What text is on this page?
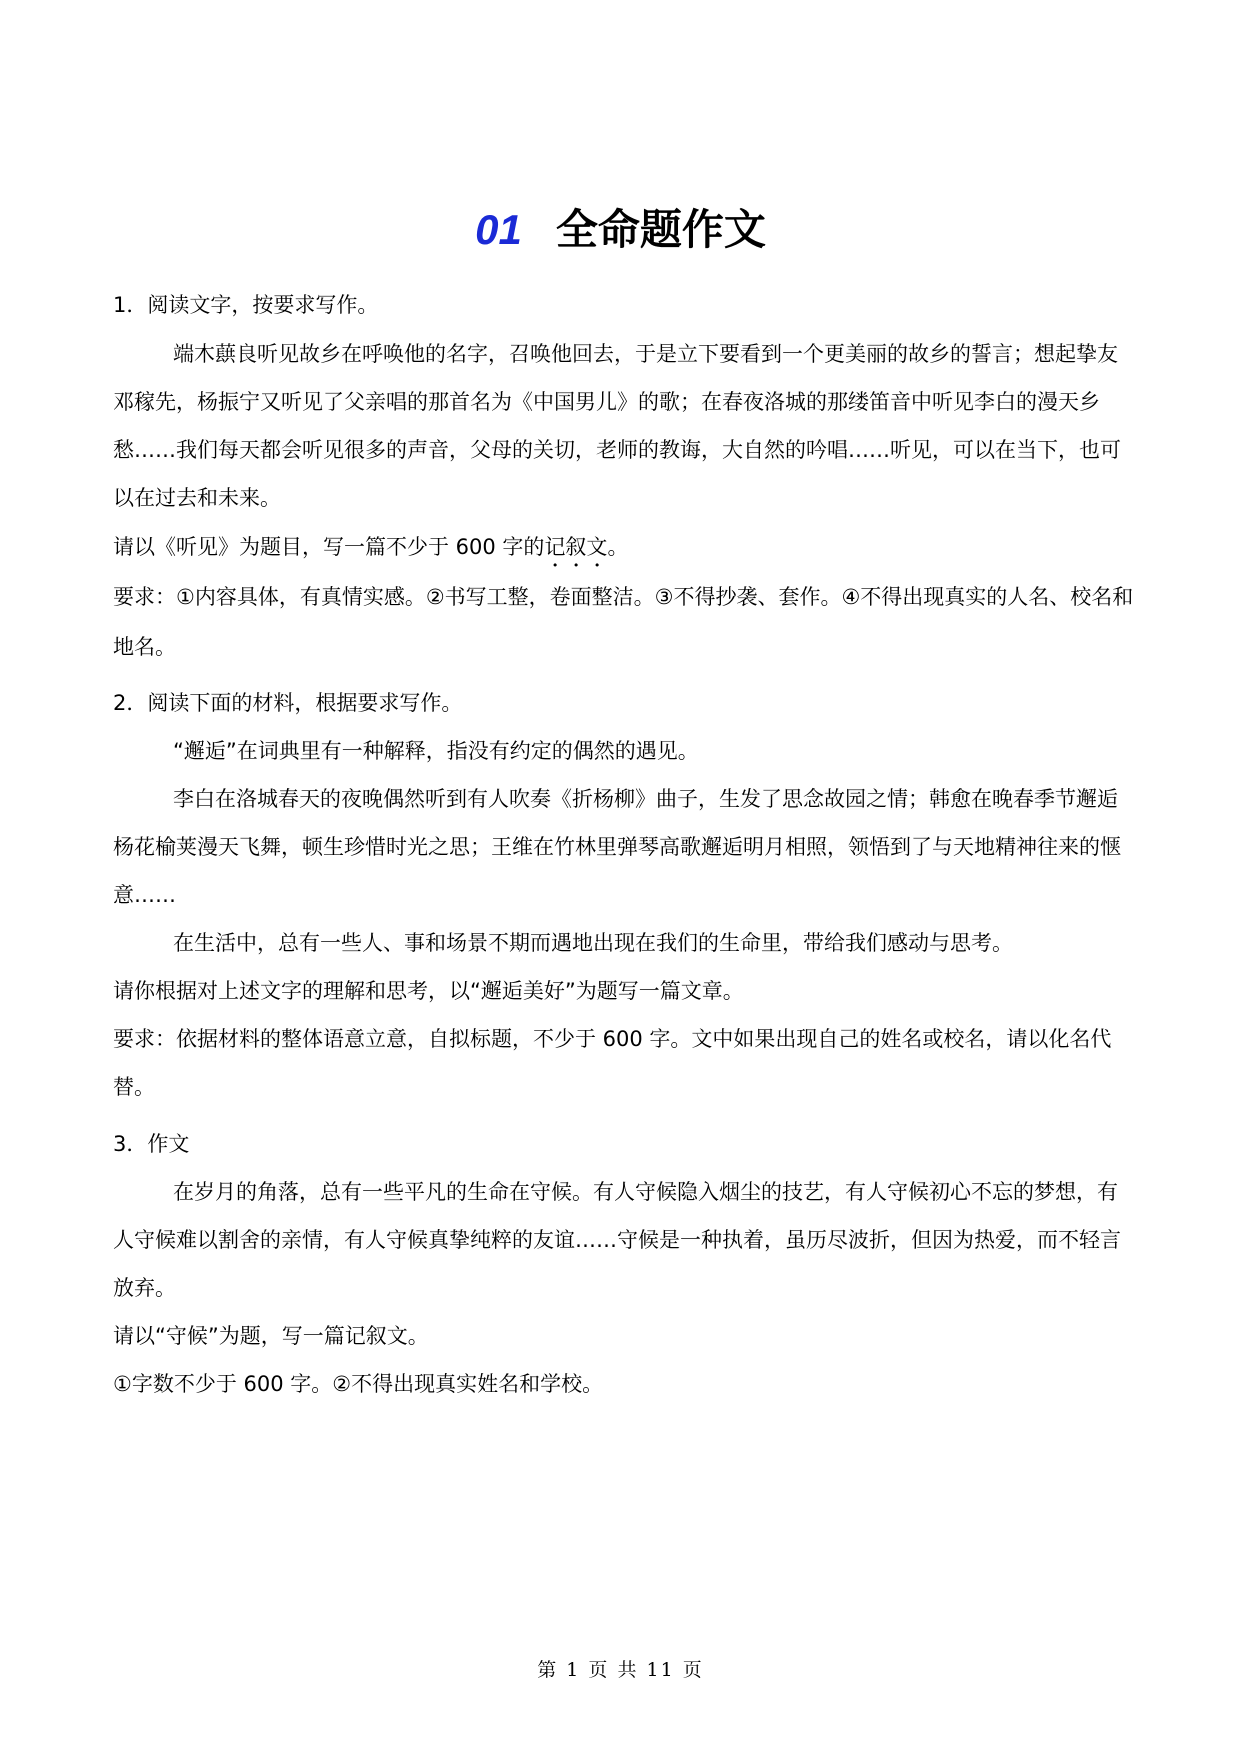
01 全命题作文

1．阅读文字，按要求写作。

端木蕻良听见故乡在呼唤他的名字，召唤他回去，于是立下要看到一个更美丽的故乡的誓言；想起挚友邓稼先，杨振宁又听见了父亲唱的那首名为《中国男儿》的歌；在春夜洛城的那缕笛音中听见李白的漫天乡愁……我们每天都会听见很多的声音，父母的关切，老师的教诲，大自然的吟唱……听见，可以在当下，也可以在过去和未来。

请以《听见》为题目，写一篇不少于 600 字的记叙文。

要求：①内容具体，有真情实感。②书写工整，卷面整洁。③不得抄袭、套作。④不得出现真实的人名、校名和地名。

2．阅读下面的材料，根据要求写作。

“邂逅”在词典里有一种解释，指没有约定的偶然的遇见。

李白在洛城春天的夜晚偶然听到有人吹奏《折杨柳》曲子，生发了思念故园之情；韩愈在晚春季节邂逅杨花榆荚漫天飞舞，顿生珍惜时光之思；王维在竹林里弹琴高歌邂逅明月相照，领悟到了与天地精神往来的惬意……

在生活中，总有一些人、事和场景不期而遇地出现在我们的生命里，带给我们感动与思考。

请你根据对上述文字的理解和思考，以“邂逅美好”为题写一篇文章。

要求：依据材料的整体语意立意，自拟标题，不少于 600 字。文中如果出现自己的姓名或校名，请以化名代替。

3．作文

在岁月的角落，总有一些平凡的生命在守候。有人守候隐入烟尘的技艺，有人守候初心不忘的梦想，有人守候难以割舍的亲情，有人守候真挚纯粹的友谊……守候是一种执着，虽历尽波折，但因为热爱，而不轻言放弃。

请以“守候”为题，写一篇记叙文。

①字数不少于 600 字。②不得出现真实姓名和学校。

第 1 页 共 11 页
